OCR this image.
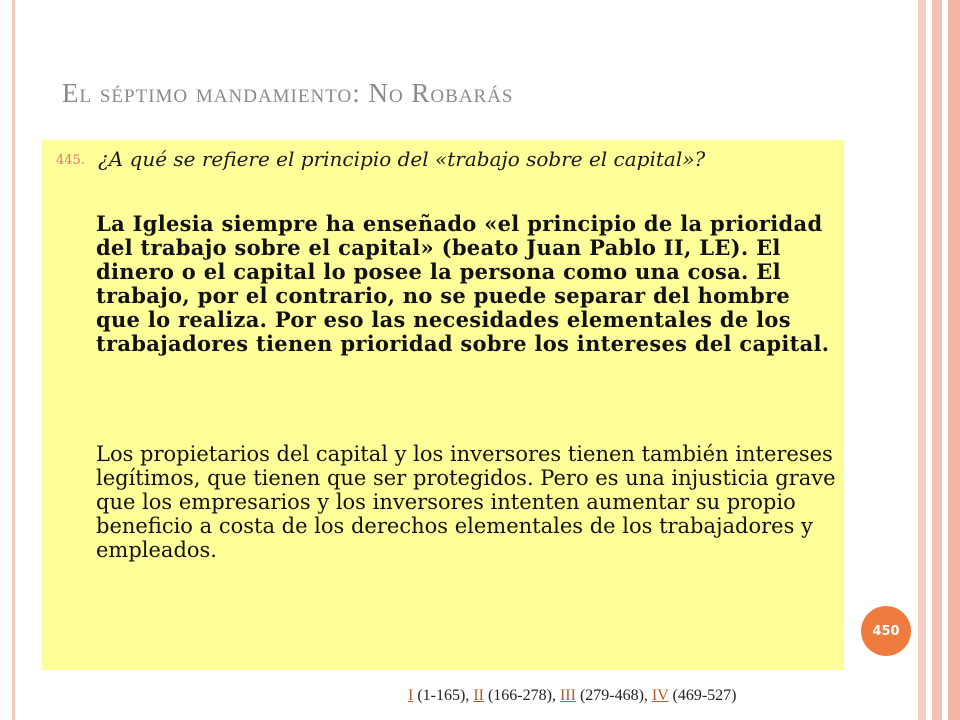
El séptimo mandamiento: No Robarás
445. ¿A qué se refiere el principio del «trabajo sobre el capital»?

La Iglesia siempre ha enseñado «el principio de la prioridad del trabajo sobre el capital» (beato Juan Pablo II, LE). El dinero o el capital lo posee la persona como una cosa. El trabajo, por el contrario, no se puede separar del hombre que lo realiza. Por eso las necesidades elementales de los trabajadores tienen prioridad sobre los intereses del capital.

Los propietarios del capital y los inversores tienen también intereses legítimos, que tienen que ser protegidos. Pero es una injusticia grave que los empresarios y los inversores intenten aumentar su propio beneficio a costa de los derechos elementales de los trabajadores y empleados.

450

I (1-165), II (166-278), III (279-468), IV (469-527)
